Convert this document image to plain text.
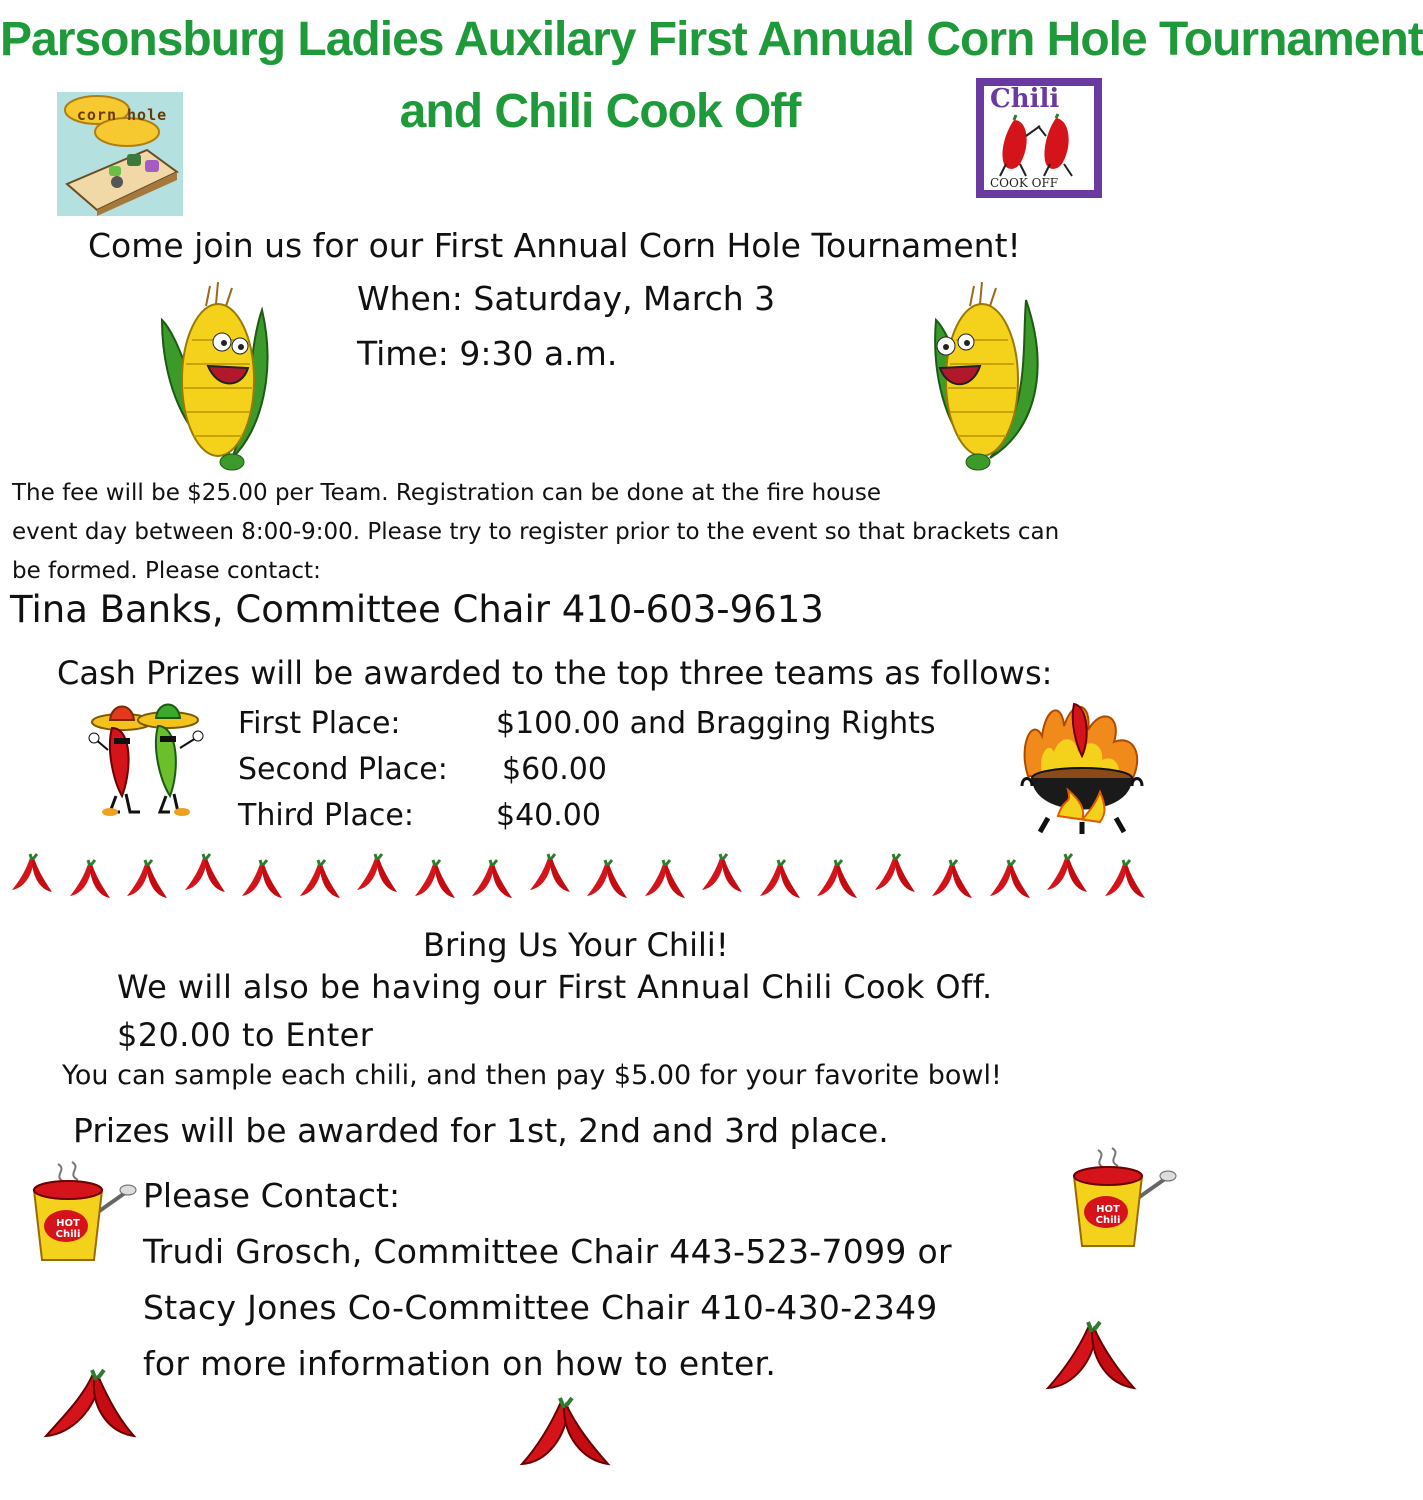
Parsonsburg Ladies Auxilary First Annual Corn Hole Tournament
and Chili Cook Off
corn hole
Chili
COOK OFF
Come join us for our First Annual Corn Hole Tournament!
When: Saturday, March 3
Time: 9:30 a.m.
The fee will be $25.00 per Team. Registration can be done at the fire house
event day between 8:00-9:00. Please try to register prior to the event so that brackets can
be formed. Please contact:
Tina Banks, Committee Chair 410-603-9613
Cash Prizes will be awarded to the top three teams as follows:
First Place:	$100.00 and Bragging Rights
Second Place: $60.00
Third Place:	$40.00
Bring Us Your Chili!
We will also be having our First Annual Chili Cook Off.
$20.00 to Enter
You can sample each chili, and then pay $5.00 for your favorite bowl!
Prizes will be awarded for 1st, 2nd and 3rd place.
Please Contact:
Trudi Grosch, Committee Chair 443-523-7099 or
Stacy Jones Co-Committee Chair 410-430-2349
for more information on how to enter.
HOT Chili
HOT Chili
